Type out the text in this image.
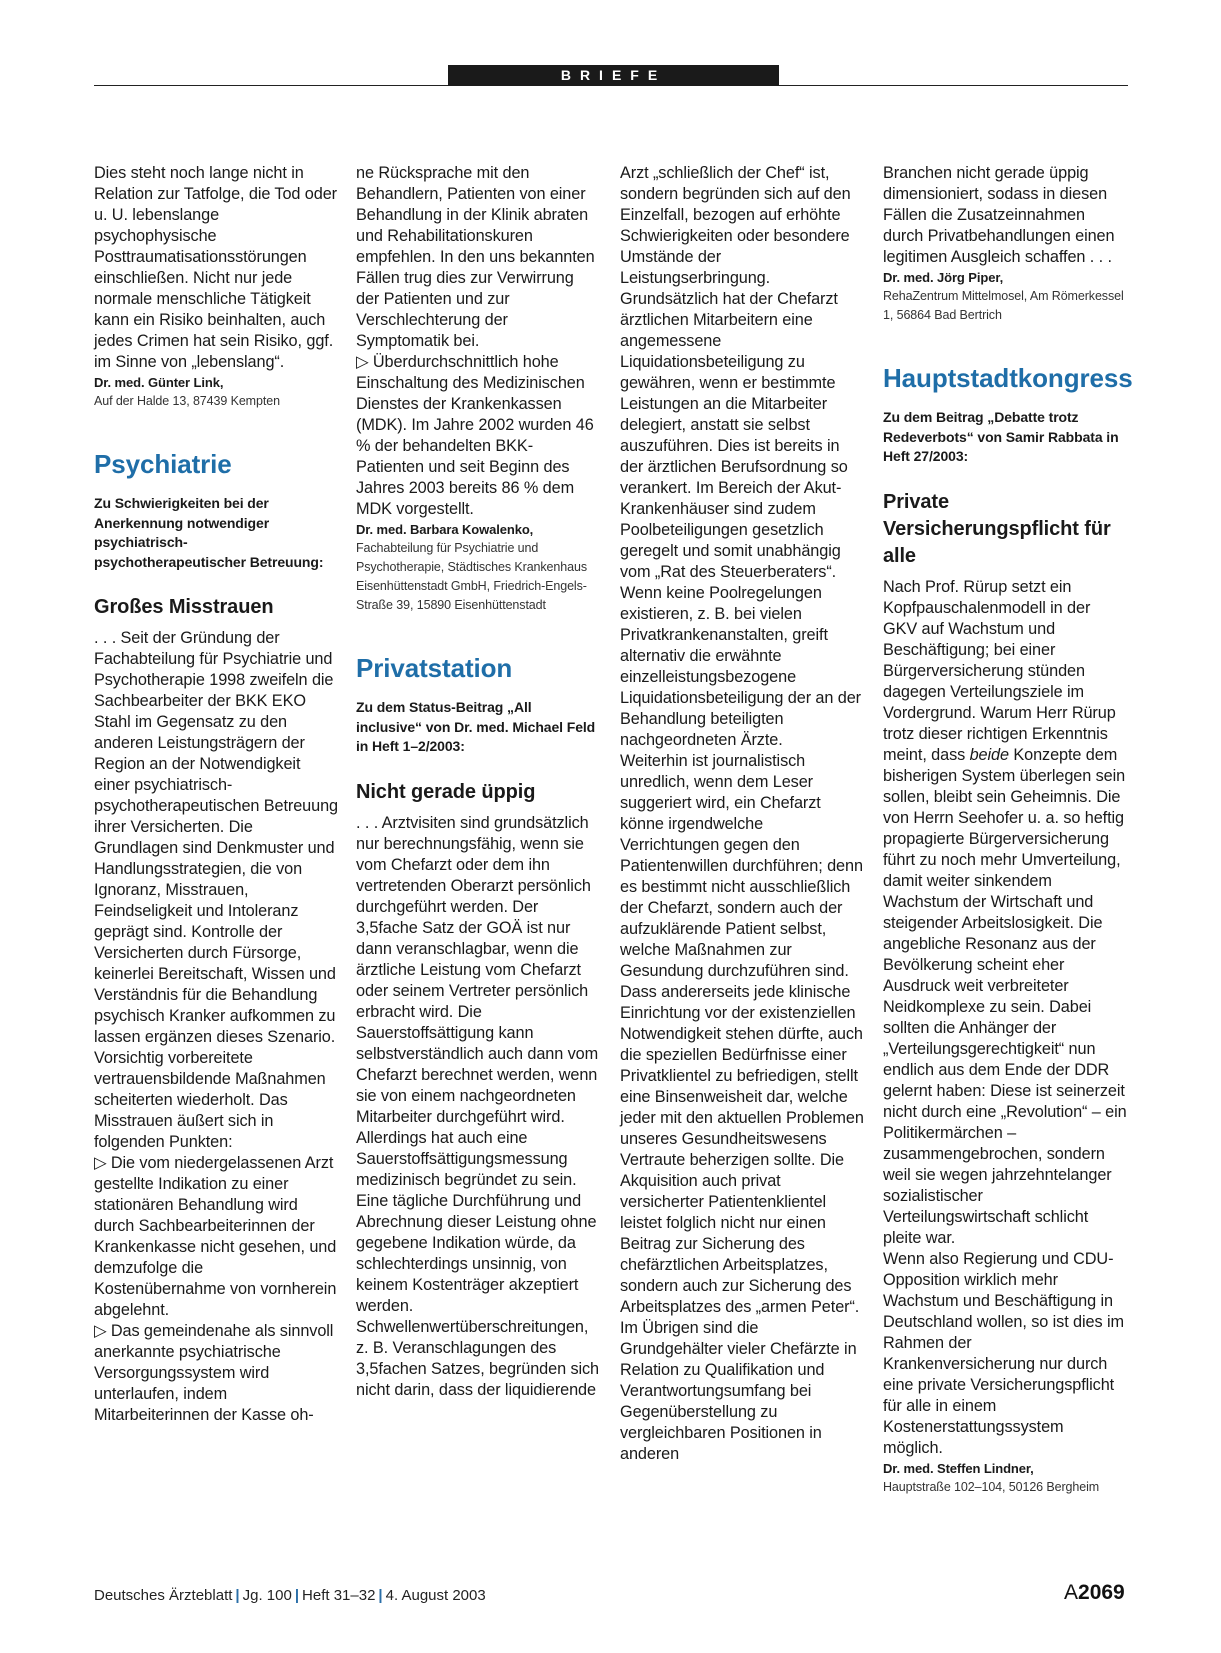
BRIEFE

Dies steht noch lange nicht in Relation zur Tatfolge, die Tod oder u. U. lebenslange psychophysische Posttraumatisationsstörungen einschließen. Nicht nur jede normale menschliche Tätigkeit kann ein Risiko beinhalten, auch jedes Crimen hat sein Risiko, ggf. im Sinne von „lebenslang“.

Dr. med. Günter Link,

Auf der Halde 13, 87439 Kempten

Psychiatrie

Zu Schwierigkeiten bei der Anerkennung notwendiger psychiatrisch-psychotherapeutischer Betreuung:

Großes Misstrauen

. . . Seit der Gründung der Fachabteilung für Psychiatrie und Psychotherapie 1998 zweifeln die Sachbearbeiter der BKK EKO Stahl im Gegensatz zu den anderen Leistungsträgern der Region an der Notwendigkeit einer psychiatrisch-psychotherapeutischen Betreuung ihrer Versicherten. Die Grundlagen sind Denkmuster und Handlungsstrategien, die von Ignoranz, Misstrauen, Feindseligkeit und Intoleranz geprägt sind. Kontrolle der Versicherten durch Fürsorge, keinerlei Bereitschaft, Wissen und Verständnis für die Behandlung psychisch Kranker aufkommen zu lassen ergänzen dieses Szenario. Vorsichtig vorbereitete vertrauensbildende Maßnahmen scheiterten wiederholt. Das Misstrauen äußert sich in folgenden Punkten:

▷ Die vom niedergelassenen Arzt gestellte Indikation zu einer stationären Behandlung wird durch Sachbearbeiterinnen der Krankenkasse nicht gesehen, und demzufolge die Kostenübernahme von vornherein abgelehnt.

▷ Das gemeindenahe als sinnvoll anerkannte psychiatrische Versorgungssystem wird unterlaufen, indem Mitarbeiterinnen der Kasse oh-

ne Rücksprache mit den Behandlern, Patienten von einer Behandlung in der Klinik abraten und Rehabilitationskuren empfehlen. In den uns bekannten Fällen trug dies zur Verwirrung der Patienten und zur Verschlechterung der Symptomatik bei.

▷ Überdurchschnittlich hohe Einschaltung des Medizinischen Dienstes der Krankenkassen (MDK). Im Jahre 2002 wurden 46 % der behandelten BKK-Patienten und seit Beginn des Jahres 2003 bereits 86 % dem MDK vorgestellt.

Dr. med. Barbara Kowalenko,

Fachabteilung für Psychiatrie und Psychotherapie, Städtisches Krankenhaus Eisenhüttenstadt GmbH, Friedrich-Engels-Straße 39, 15890 Eisenhüttenstadt

Privatstation

Zu dem Status-Beitrag „All inclusive“ von Dr. med. Michael Feld in Heft 1–2/2003:

Nicht gerade üppig

. . . Arztvisiten sind grundsätzlich nur berechnungsfähig, wenn sie vom Chefarzt oder dem ihn vertretenden Oberarzt persönlich durchgeführt werden. Der 3,5fache Satz der GOÄ ist nur dann veranschlagbar, wenn die ärztliche Leistung vom Chefarzt oder seinem Vertreter persönlich erbracht wird. Die Sauerstoffsättigung kann selbstverständlich auch dann vom Chefarzt berechnet werden, wenn sie von einem nachgeordneten Mitarbeiter durchgeführt wird. Allerdings hat auch eine Sauerstoffsättigungsmessung medizinisch begründet zu sein. Eine tägliche Durchführung und Abrechnung dieser Leistung ohne gegebene Indikation würde, da schlechterdings unsinnig, von keinem Kostenträger akzeptiert werden. Schwellenwertüberschreitungen, z. B. Veranschlagungen des 3,5fachen Satzes, begründen sich nicht darin, dass der liquidierende

Arzt „schließlich der Chef“ ist, sondern begründen sich auf den Einzelfall, bezogen auf erhöhte Schwierigkeiten oder besondere Umstände der Leistungserbringung. Grundsätzlich hat der Chefarzt ärztlichen Mitarbeitern eine angemessene Liquidationsbeteiligung zu gewähren, wenn er bestimmte Leistungen an die Mitarbeiter delegiert, anstatt sie selbst auszuführen. Dies ist bereits in der ärztlichen Berufsordnung so verankert. Im Bereich der Akut-Krankenhäuser sind zudem Poolbeteiligungen gesetzlich geregelt und somit unabhängig vom „Rat des Steuerberaters“. Wenn keine Poolregelungen existieren, z. B. bei vielen Privatkrankenanstalten, greift alternativ die erwähnte einzelleistungsbezogene Liquidationsbeteiligung der an der Behandlung beteiligten nachgeordneten Ärzte.

Weiterhin ist journalistisch unredlich, wenn dem Leser suggeriert wird, ein Chefarzt könne irgendwelche Verrichtungen gegen den Patientenwillen durchführen; denn es bestimmt nicht ausschließlich der Chefarzt, sondern auch der aufzuklärende Patient selbst, welche Maßnahmen zur Gesundung durchzuführen sind.

Dass andererseits jede klinische Einrichtung vor der existenziellen Notwendigkeit stehen dürfte, auch die speziellen Bedürfnisse einer Privatklientel zu befriedigen, stellt eine Binsenweisheit dar, welche jeder mit den aktuellen Problemen unseres Gesundheitswesens Vertraute beherzigen sollte. Die Akquisition auch privat versicherter Patientenklientel leistet folglich nicht nur einen Beitrag zur Sicherung des chefärztlichen Arbeitsplatzes, sondern auch zur Sicherung des Arbeitsplatzes des „armen Peter“. Im Übrigen sind die Grundgehälter vieler Chefärzte in Relation zu Qualifikation und Verantwortungsumfang bei Gegenüberstellung zu vergleichbaren Positionen in anderen

Branchen nicht gerade üppig dimensioniert, sodass in diesen Fällen die Zusatzeinnahmen durch Privatbehandlungen einen legitimen Ausgleich schaffen . . .

Dr. med. Jörg Piper,

RehaZentrum Mittelmosel, Am Römerkessel 1, 56864 Bad Bertrich

Hauptstadtkongress

Zu dem Beitrag „Debatte trotz Redeverbots“ von Samir Rabbata in Heft 27/2003:

Private Versicherungspflicht für alle

Nach Prof. Rürup setzt ein Kopfpauschalenmodell in der GKV auf Wachstum und Beschäftigung; bei einer Bürgerversicherung stünden dagegen Verteilungsziele im Vordergrund. Warum Herr Rürup trotz dieser richtigen Erkenntnis meint, dass beide Konzepte dem bisherigen System überlegen sein sollen, bleibt sein Geheimnis. Die von Herrn Seehofer u. a. so heftig propagierte Bürgerversicherung führt zu noch mehr Umverteilung, damit weiter sinkendem Wachstum der Wirtschaft und steigender Arbeitslosigkeit. Die angebliche Resonanz aus der Bevölkerung scheint eher Ausdruck weit verbreiteter Neidkomplexe zu sein. Dabei sollten die Anhänger der „Verteilungsgerechtigkeit“ nun endlich aus dem Ende der DDR gelernt haben: Diese ist seinerzeit nicht durch eine „Revolution“ – ein Politikermärchen – zusammengebrochen, sondern weil sie wegen jahrzehntelanger sozialistischer Verteilungswirtschaft schlicht pleite war.

Wenn also Regierung und CDU-Opposition wirklich mehr Wachstum und Beschäftigung in Deutschland wollen, so ist dies im Rahmen der Krankenversicherung nur durch eine private Versicherungspflicht für alle in einem Kostenerstattungssystem möglich.

Dr. med. Steffen Lindner,

Hauptstraße 102–104, 50126 Bergheim

Deutsches Ärzteblatt | Jg. 100 | Heft 31–32 | 4. August 2003	A2069
